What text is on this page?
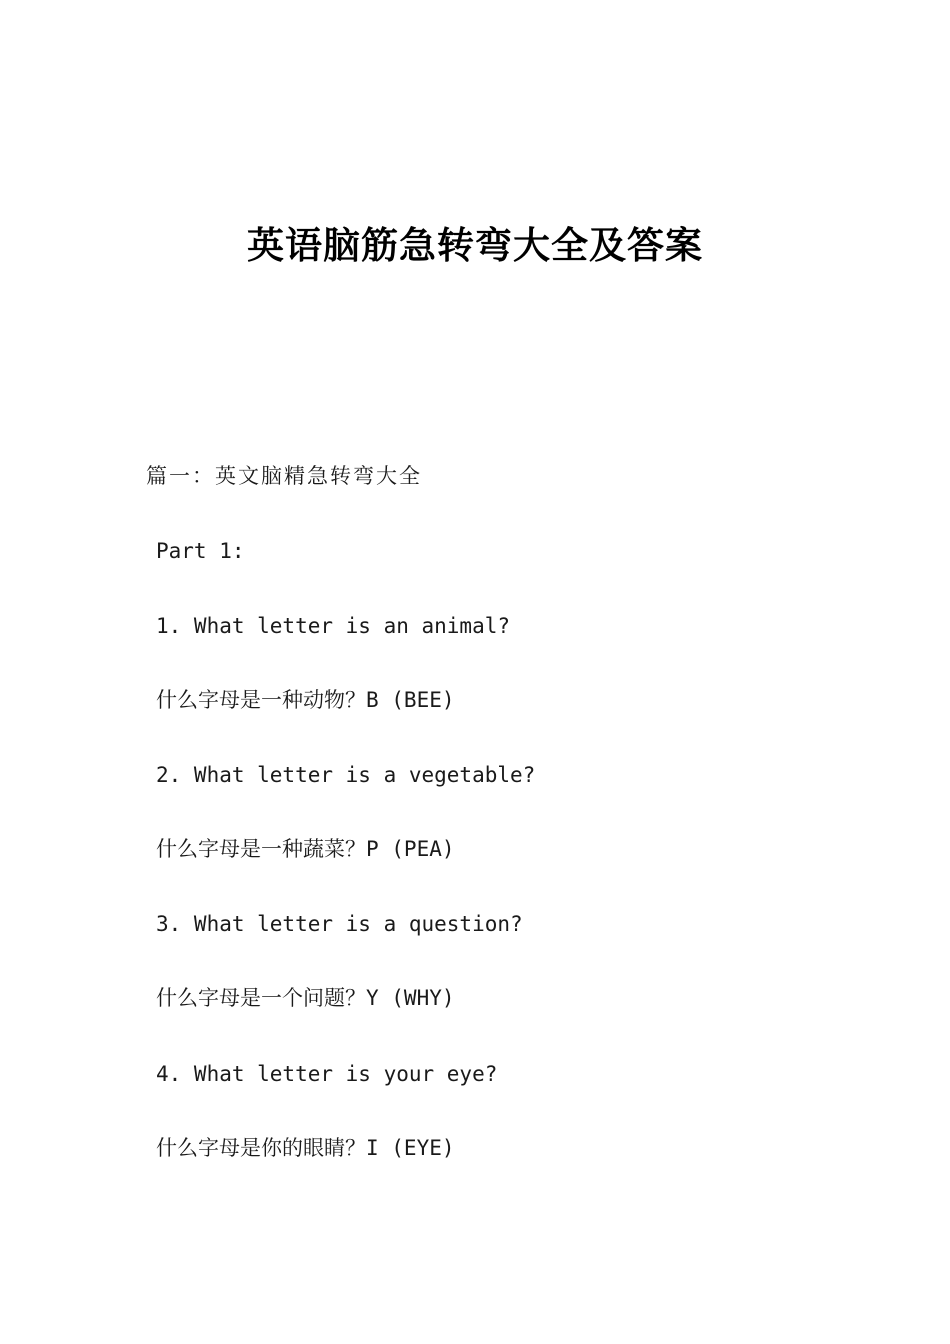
英语脑筋急转弯大全及答案
篇一：英文脑精急转弯大全
Part 1:
1. What letter is an animal?
什么字母是一种动物？B (BEE)
2. What letter is a vegetable?
什么字母是一种蔬菜？P (PEA)
3. What letter is a question?
什么字母是一个问题？Y (WHY)
4. What letter is your eye?
什么字母是你的眼睛？I (EYE)
